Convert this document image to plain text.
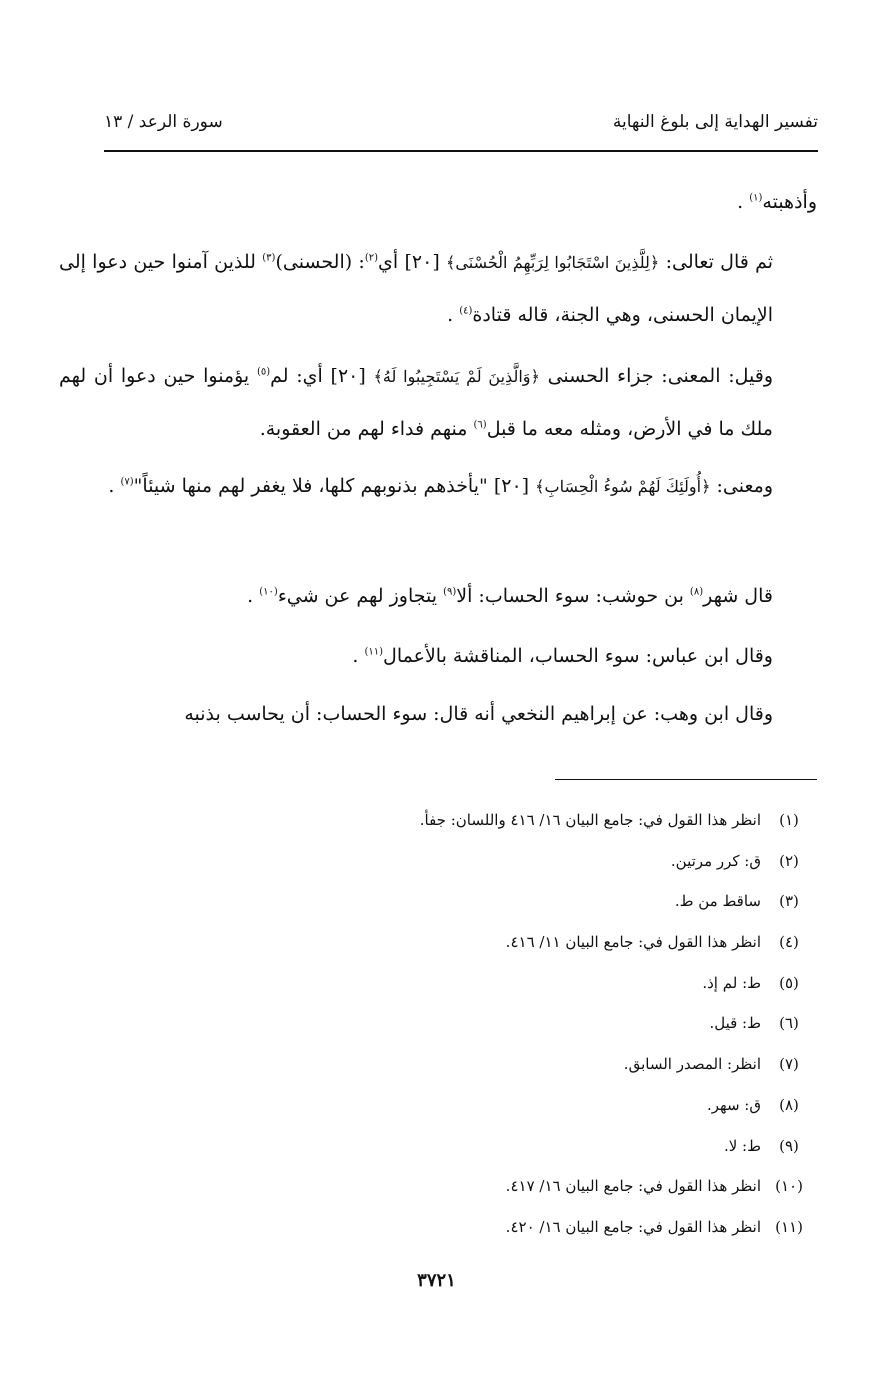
تفسير الهداية إلى بلوغ النهاية
سورة الرعد / ١٣

وأذهبته$^{(١)}$ .

ثم قال تعالى: ﴿لِلَّذِينَ اسْتَجَابُوا لِرَبِّهِمُ الْحُسْنَى﴾ [٢٠] أي$^{(٢)}$: (الحسنى)$^{(٣)}$ للذين آمنوا حين دعوا إلى الإيمان الحسنى، وهي الجنة، قاله قتادة$^{(٤)}$ .

وقيل: المعنى: جزاء الحسنى ﴿وَالَّذِينَ لَمْ يَسْتَجِيبُوا لَهُ﴾ [٢٠] أي: لم$^{(٥)}$ يؤمنوا حين دعوا أن لهم ملك ما في الأرض، ومثله معه ما قبل$^{(٦)}$ منهم فداء لهم من العقوبة.

ومعنى: ﴿أُولَئِكَ لَهُمْ سُوءُ الْحِسَابِ﴾ [٢٠] "يأخذهم بذنوبهم كلها، فلا يغفر لهم منها شيئاً"$^{(٧)}$ .

قال شهر$^{(٨)}$ بن حوشب: سوء الحساب: ألا$^{(٩)}$ يتجاوز لهم عن شيء$^{(١٠)}$ .

وقال ابن عباس: سوء الحساب، المناقشة بالأعمال$^{(١١)}$ .

وقال ابن وهب: عن إبراهيم النخعي أنه قال: سوء الحساب: أن يحاسب بذنبه

(١)انظر هذا القول في: جامع البيان ١٦/ ٤١٦ واللسان: جفأ.
(٢)ق: كرر مرتين.
(٣)ساقط من ط.
(٤)انظر هذا القول في: جامع البيان ١١/ ٤١٦.
(٥)ط: لم إذ.
(٦)ط: قيل.
(٧)انظر: المصدر السابق.
(٨)ق: سهر.
(٩)ط: لا.
(١٠)انظر هذا القول في: جامع البيان ١٦/ ٤١٧.
(١١)انظر هذا القول في: جامع البيان ١٦/ ٤٢٠.
٣٧٢١
